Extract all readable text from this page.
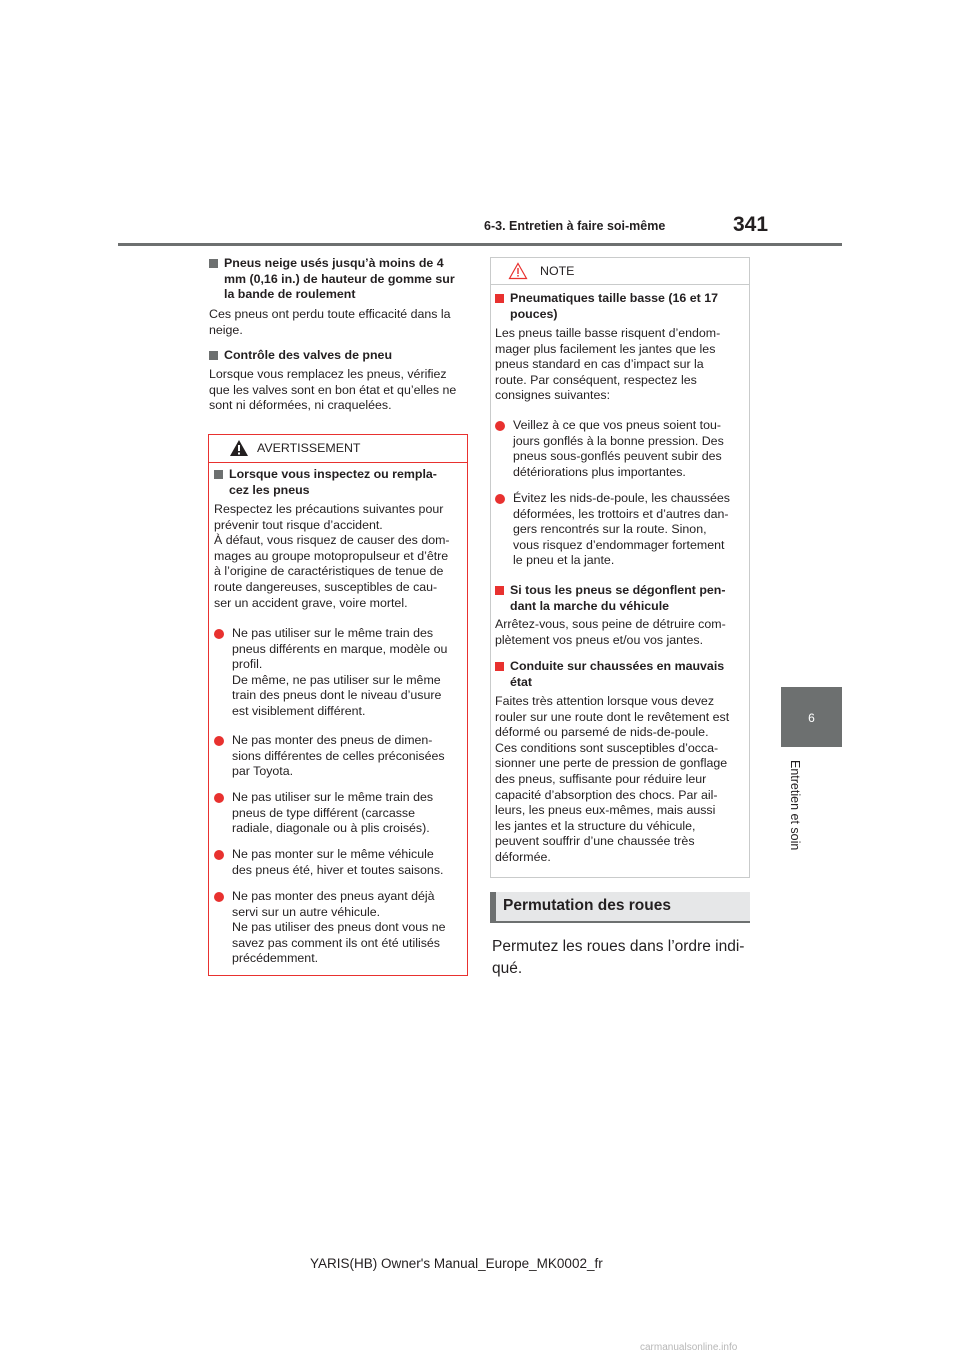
6-3. Entretien à faire soi-même	341
6
Entretien et soin
Pneus neige usés jusqu’à moins de 4
mm (0,16 in.) de hauteur de gomme sur
la bande de roulement
Ces pneus ont perdu toute efficacité dans la
neige.
Contrôle des valves de pneu
Lorsque vous remplacez les pneus, vérifiez
que les valves sont en bon état et qu’elles ne
sont ni déformées, ni craquelées.
AVERTISSEMENT
Lorsque vous inspectez ou rempla-
cez les pneus
Respectez les précautions suivantes pour
prévenir tout risque d’accident.
À défaut, vous risquez de causer des dom-
mages au groupe motopropulseur et d’être
à l’origine de caractéristiques de tenue de
route dangereuses, susceptibles de cau-
ser un accident grave, voire mortel.
Ne pas utiliser sur le même train des
pneus différents en marque, modèle ou
profil.
De même, ne pas utiliser sur le même
train des pneus dont le niveau d’usure
est visiblement différent.
Ne pas monter des pneus de dimen-
sions différentes de celles préconisées
par Toyota.
Ne pas utiliser sur le même train des
pneus de type différent (carcasse
radiale, diagonale ou à plis croisés).
Ne pas monter sur le même véhicule
des pneus été, hiver et toutes saisons.
Ne pas monter des pneus ayant déjà
servi sur un autre véhicule.
Ne pas utiliser des pneus dont vous ne
savez pas comment ils ont été utilisés
précédemment.
NOTE
Pneumatiques taille basse (16 et 17
pouces)
Les pneus taille basse risquent d’endom-
mager plus facilement les jantes que les
pneus standard en cas d’impact sur la
route. Par conséquent, respectez les
consignes suivantes:
Veillez à ce que vos pneus soient tou-
jours gonflés à la bonne pression. Des
pneus sous-gonflés peuvent subir des
détériorations plus importantes.
Évitez les nids-de-poule, les chaussées
déformées, les trottoirs et d’autres dan-
gers rencontrés sur la route. Sinon,
vous risquez d’endommager fortement
le pneu et la jante.
Si tous les pneus se dégonflent pen-
dant la marche du véhicule
Arrêtez-vous, sous peine de détruire com-
plètement vos pneus et/ou vos jantes.
Conduite sur chaussées en mauvais
état
Faites très attention lorsque vous devez
rouler sur une route dont le revêtement est
déformé ou parsemé de nids-de-poule.
Ces conditions sont susceptibles d’occa-
sionner une perte de pression de gonflage
des pneus, suffisante pour réduire leur
capacité d’absorption des chocs. Par ail-
leurs, les pneus eux-mêmes, mais aussi
les jantes et la structure du véhicule,
peuvent souffrir d’une chaussée très
déformée.
Permutation des roues
Permutez les roues dans l’ordre indi-
qué.
YARIS(HB) Owner's Manual_Europe_MK0002_fr
carmanualsonline.info
